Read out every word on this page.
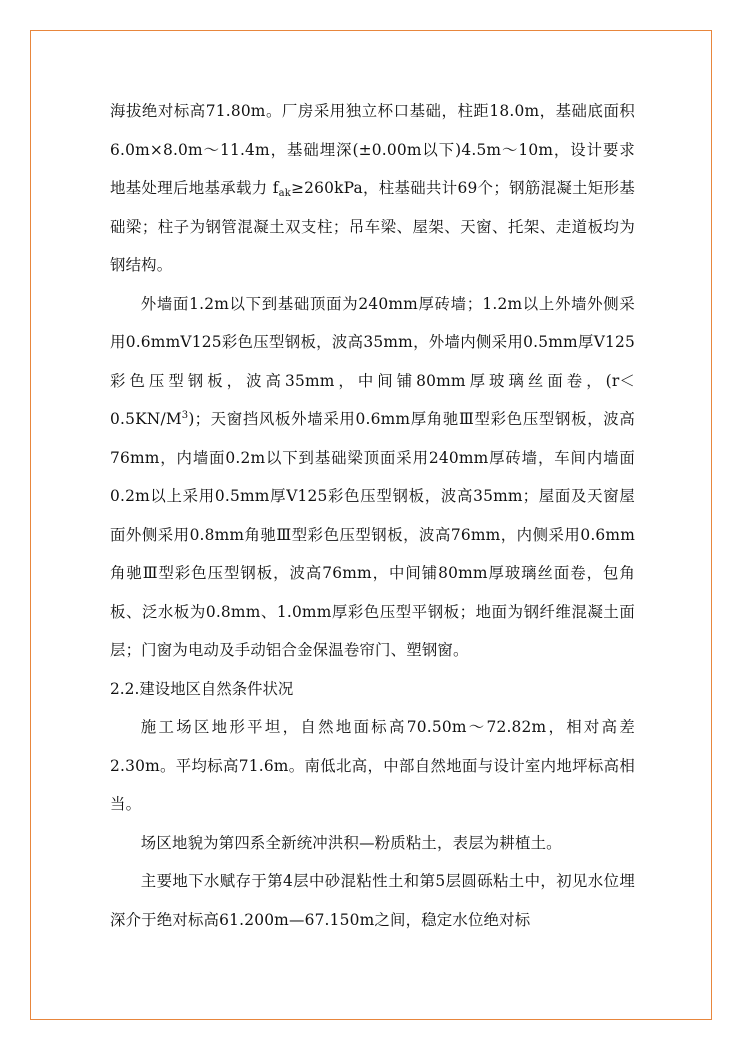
海拔绝对标高71.80m。厂房采用独立杯口基础，柱距18.0m，基础底面积6.0m×8.0m～11.4m，基础埋深(±0.00m以下)4.5m～10m，设计要求地基处理后地基承载力 $f_{ak}\ge 260kPa$，柱基础共计69个；钢筋混凝土矩形基础梁；柱子为钢管混凝土双支柱；吊车梁、屋架、天窗、托架、走道板均为钢结构。

外墙面1.2m以下到基础顶面为240mm厚砖墙；1.2m以上外墙外侧采用0.6mmV125彩色压型钢板，波高35mm，外墙内侧采用0.5mm厚V125彩色压型钢板，波高35mm，中间铺80mm厚玻璃丝面卷，$(r<0.5KN/M^3)$；天窗挡风板外墙采用0.6mm厚角驰Ⅲ型彩色压型钢板，波高76mm，内墙面0.2m以下到基础梁顶面采用240mm厚砖墙，车间内墙面0.2m以上采用0.5mm厚V125彩色压型钢板，波高35mm；屋面及天窗屋面外侧采用0.8mm角驰Ⅲ型彩色压型钢板，波高76mm，内侧采用0.6mm角驰Ⅲ型彩色压型钢板，波高76mm，中间铺80mm厚玻璃丝面卷，包角板、泛水板为0.8mm、1.0mm厚彩色压型平钢板；地面为钢纤维混凝土面层；门窗为电动及手动铝合金保温卷帘门、塑钢窗。

2.2.建设地区自然条件状况

施工场区地形平坦，自然地面标高70.50m～72.82m，相对高差2.30m。平均标高71.6m。南低北高，中部自然地面与设计室内地坪标高相当。

场区地貌为第四系全新统冲洪积—粉质粘土，表层为耕植土。

主要地下水赋存于第4层中砂混粘性土和第5层圆砾粘土中，初见水位埋深介于绝对标高61.200m—67.150m之间，稳定水位绝对标
